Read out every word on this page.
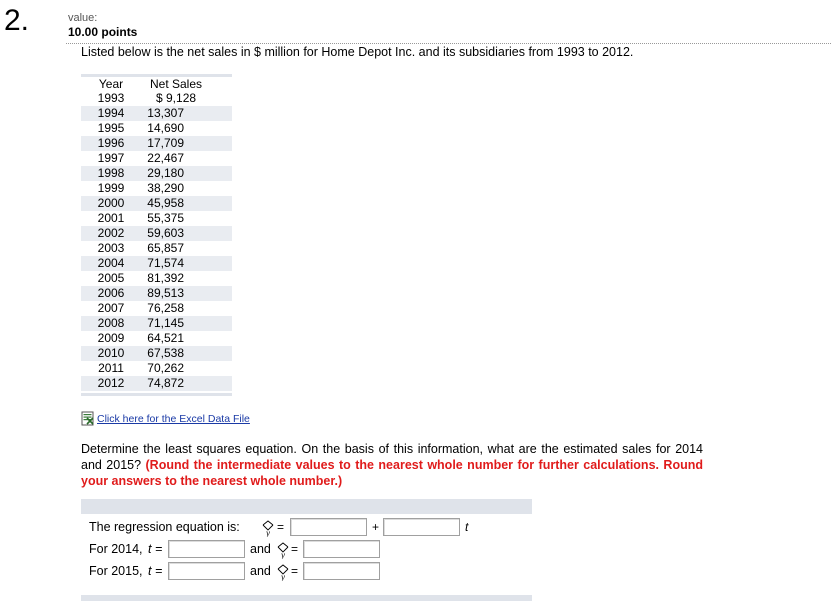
2.	value:
10.00 points
Listed below is the net sales in $ million for Home Depot Inc. and its subsidiaries from 1993 to 2012.
Year	Net Sales
1993	$ 9,128
1994	13,307
1995	14,690
1996	17,709
1997	22,467
1998	29,180
1999	38,290
2000	45,958
2001	55,375
2002	59,603
2003	65,857
2004	71,574
2005	81,392
2006	89,513
2007	76,258
2008	71,145
2009	64,521
2010	67,538
2011	70,262
2012	74,872
Click here for the Excel Data File
Determine the least squares equation. On the basis of this information, what are the estimated sales for 2014 and 2015? (Round the intermediate values to the nearest whole number for further calculations. Round your answers to the nearest whole number.)
The regression equation is:	y =	+	t
For 2014, t =	and y =
For 2015, t =	and y =
